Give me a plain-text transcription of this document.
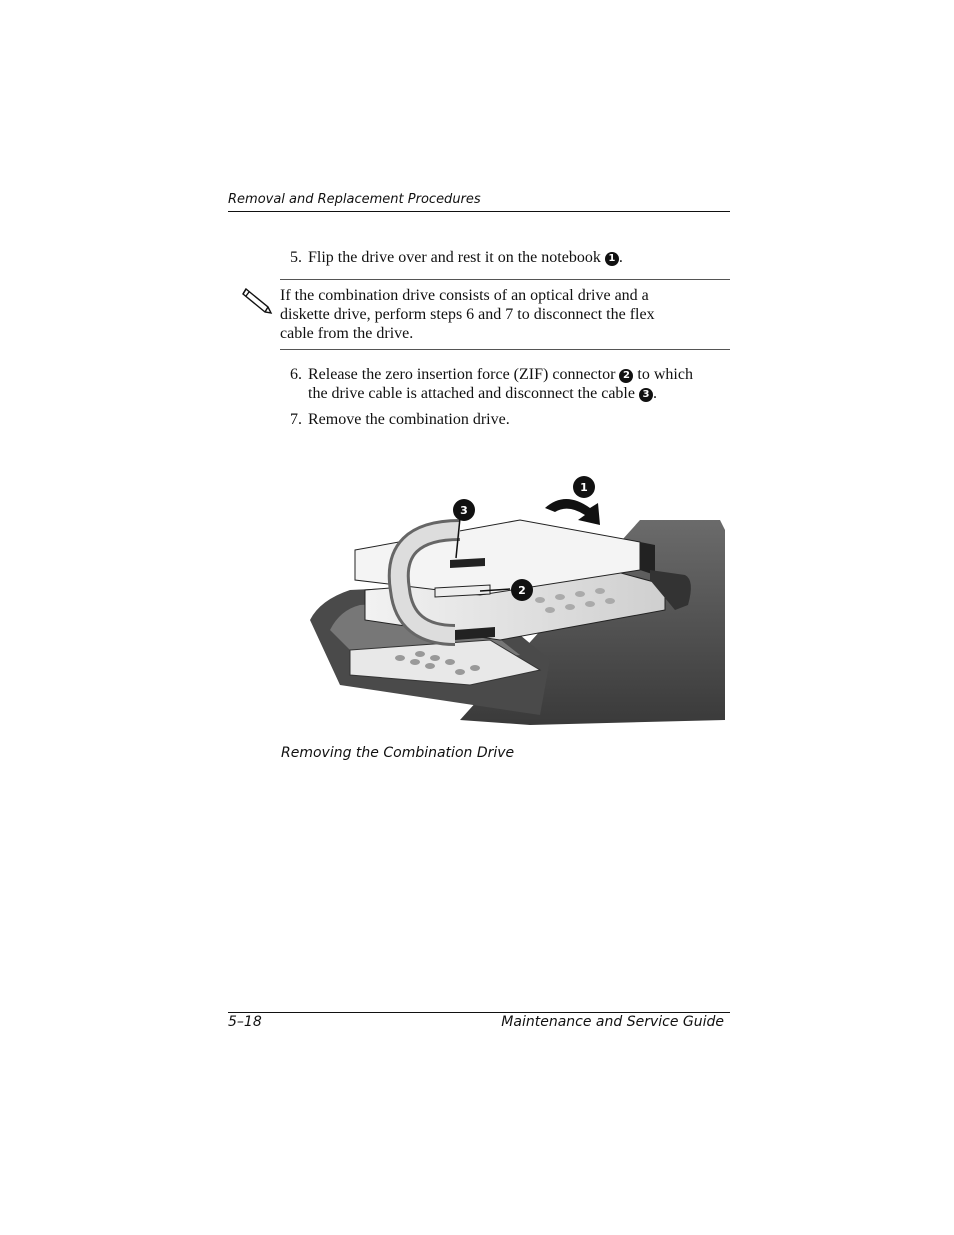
Removal and Replacement Procedures
5. Flip the drive over and rest it on the notebook 1 .
If the combination drive consists of an optical drive and a
diskette drive, perform steps 6 and 7 to disconnect the flex
cable from the drive.
6. Release the zero insertion force (ZIF) connector 2 to which
the drive cable is attached and disconnect the cable 3 .
7. Remove the combination drive.
1
2
3
Removing the Combination Drive
5–18	Maintenance and Service Guide
